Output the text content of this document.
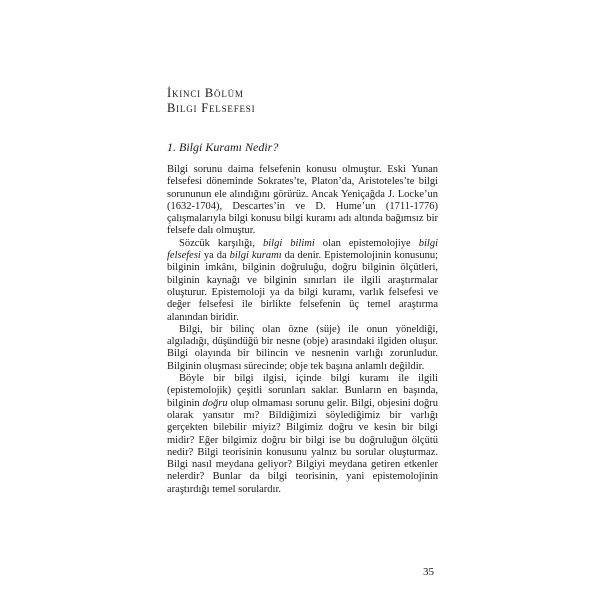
İkinci Bölüm
Bilgi Felsefesi
1. Bilgi Kuramı Nedir?

Bilgi sorunu daima felsefenin konusu olmuştur. Eski Yunan felsefesi döneminde Sokrates’te, Platon’da, Aristoteles’te bilgi sorununun ele alındığını görürüz. Ancak Yeniçağda J. Locke’un (1632-1704), Descartes’in ve D. Hume’un (1711-1776) çalışmalarıyla bilgi konusu bilgi kuramı adı altında bağımsız bir felsefe dalı olmuştur.

Sözcük karşılığı, bilgi bilimi olan epistemolojiye bilgi felsefesi ya da bilgi kuramı da denir. Epistemolojinin konusunu; bilginin imkânı, bilginin doğruluğu, doğru bilginin ölçütleri, bilginin kaynağı ve bilginin sınırları ile ilgili araştırmalar oluşturur. Epistemoloji ya da bilgi kuramı, varlık felsefesi ve değer felsefesi ile birlikte felsefenin üç temel araştırma alanından biridir.

Bilgi, bir bilinç olan özne (süje) ile onun yöneldiği, algıladığı, düşündüğü bir nesne (obje) arasındaki ilgiden oluşur. Bilgi olayında bir bilincin ve nesnenin varlığı zorunludur. Bilginin oluşması sürecinde; obje tek başına anlamlı değildir.

Böyle bir bilgi ilgisi, içinde bilgi kuramı ile ilgili (epistemolojik) çeşitli sorunları saklar. Bunların en başında, bilginin doğru olup olmaması sorunu gelir. Bilgi, objesini doğru olarak yansıtır mı? Bildiğimizi söylediğimiz bir varlığı gerçekten bilebilir miyiz? Bilgimiz doğru ve kesin bir bilgi midir? Eğer bilgimiz doğru bir bilgi ise bu doğruluğun ölçütü nedir? Bilgi teorisinin konusunu yalnız bu sorular oluşturmaz. Bilgi nasıl meydana geliyor? Bilgiyi meydana getiren etkenler nelerdir? Bunlar da bilgi teorisinin, yani epistemolojinin araştırdığı temel sorulardır.

35
